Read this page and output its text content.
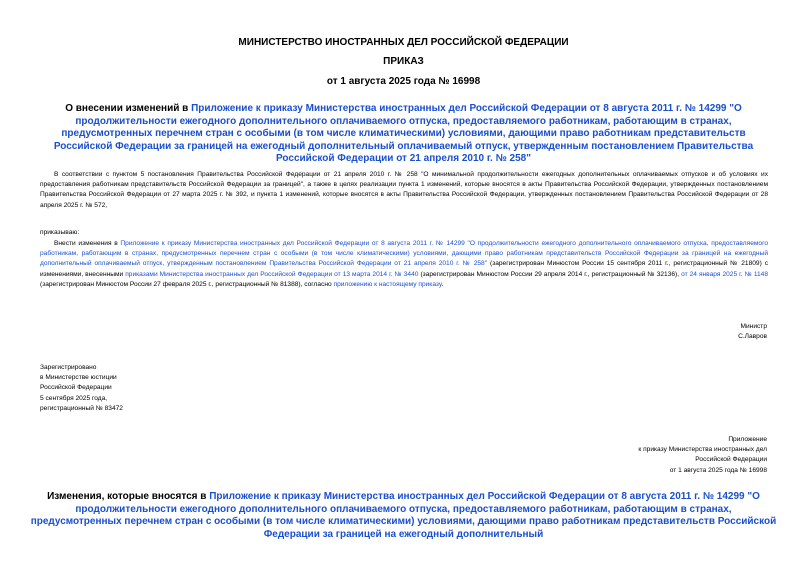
МИНИСТЕРСТВО ИНОСТРАННЫХ ДЕЛ РОССИЙСКОЙ ФЕДЕРАЦИИ
ПРИКАЗ
от 1 августа 2025 года № 16998
О внесении изменений в Приложение к приказу Министерства иностранных дел Российской Федерации от 8 августа 2011 г. № 14299 "О продолжительности ежегодного дополнительного оплачиваемого отпуска, предоставляемого работникам, работающим в странах, предусмотренных перечнем стран с особыми (в том числе климатическими) условиями, дающими право работникам представительств Российской Федерации за границей на ежегодный дополнительный оплачиваемый отпуск, утвержденным постановлением Правительства Российской Федерации от 21 апреля 2010 г. № 258"
В соответствии с пунктом 5 постановления Правительства Российской Федерации от 21 апреля 2010 г. № 258 "О минимальной продолжительности ежегодных дополнительных оплачиваемых отпусков и об условиях их предоставления работникам представительств Российской Федерации за границей", а также в целях реализации пункта 1 изменений, которые вносятся в акты Правительства Российской Федерации, утвержденных постановлением Правительства Российской Федерации от 27 марта 2025 г. № 392, и пункта 1 изменений, которые вносятся в акты Правительства Российской Федерации, утвержденных постановлением Правительства Российской Федерации от 28 апреля 2025 г. № 572,
приказываю:
Внести изменения в Приложение к приказу Министерства иностранных дел Российской Федерации от 8 августа 2011 г. № 14299 "О продолжительности ежегодного дополнительного оплачиваемого отпуска, предоставляемого работникам, работающим в странах, предусмотренных перечнем стран с особыми (в том числе климатическими) условиями, дающими право работникам представительств Российской Федерации за границей на ежегодный дополнительный оплачиваемый отпуск, утвержденным постановлением Правительства Российской Федерации от 21 апреля 2010 г. № 258" (зарегистрирован Минюстом России 15 сентября 2011 г., регистрационный № 21809) с изменениями, внесенными приказами Министерства иностранных дел Российской Федерации от 13 марта 2014 г. № 3440 (зарегистрирован Минюстом России 29 апреля 2014 г., регистрационный № 32136), от 24 января 2025 г. № 1148 (зарегистрирован Минюстом России 27 февраля 2025 г., регистрационный № 81388), согласно приложению к настоящему приказу.
Министр
С.Лавров
Зарегистрировано
в Министерстве юстиции
Российской Федерации
5 сентября 2025 года,
регистрационный № 83472
Приложение
к приказу Министерства иностранных дел
Российской Федерации
от 1 августа 2025 года № 16998
Изменения, которые вносятся в Приложение к приказу Министерства иностранных дел Российской Федерации от 8 августа 2011 г. № 14299 "О продолжительности ежегодного дополнительного оплачиваемого отпуска, предоставляемого работникам, работающим в странах, предусмотренных перечнем стран с особыми (в том числе климатическими) условиями, дающими право работникам представительств Российской Федерации за границей на ежегодный дополнительный
